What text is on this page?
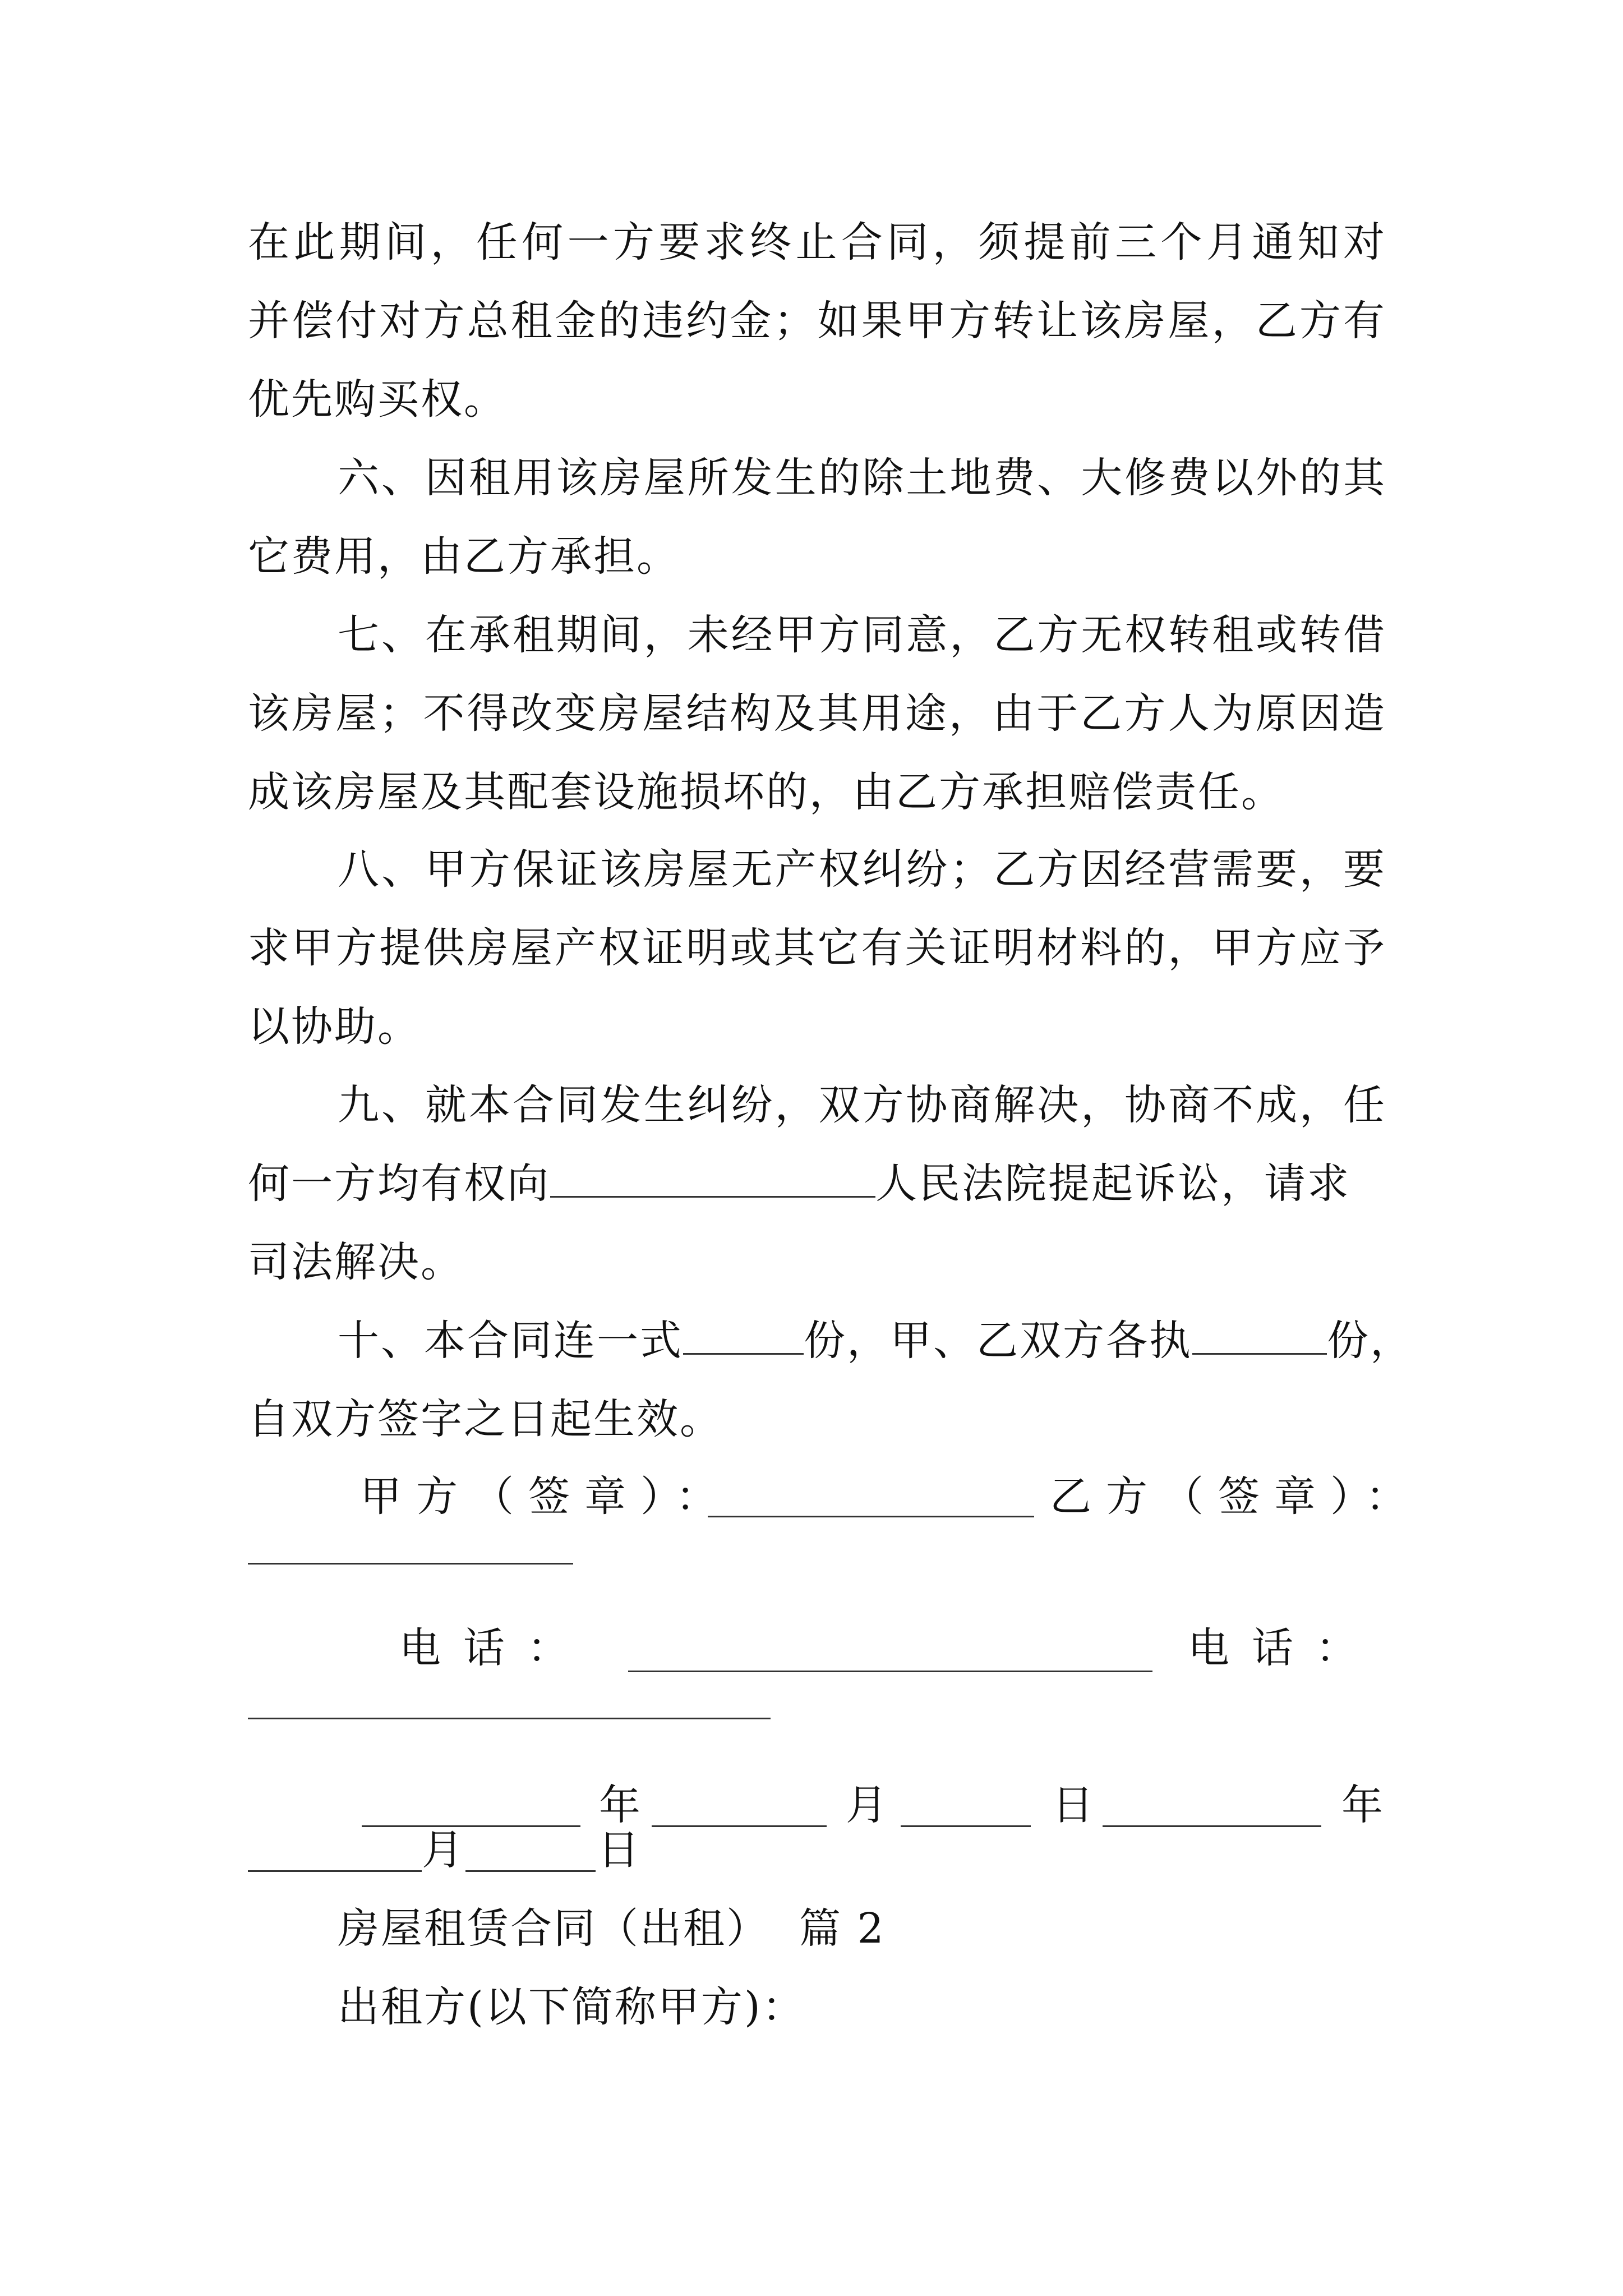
在此期间，任何一方要求终止合同，须提前三个月通知对
并偿付对方总租金的违约金；如果甲方转让该房屋，乙方有
优先购买权。
六、因租用该房屋所发生的除土地费、大修费以外的其
它费用，由乙方承担。
七、在承租期间，未经甲方同意，乙方无权转租或转借
该房屋；不得改变房屋结构及其用途，由于乙方人为原因造
成该房屋及其配套设施损坏的，由乙方承担赔偿责任。
八、甲方保证该房屋无产权纠纷；乙方因经营需要，要
求甲方提供房屋产权证明或其它有关证明材料的，甲方应予
以协助。
九、就本合同发生纠纷，双方协商解决，协商不成，任
何一方均有权向	人民法院提起诉讼，请求
司法解决。
十、本合同连一式	份，甲、乙双方各执	份，
自双方签字之日起生效。
甲方（签章）：	乙方（签章）：
电话：	电话：
年	月	日	年
月	日
房屋租赁合同（出租）  篇 2
出租方(以下简称甲方)：
